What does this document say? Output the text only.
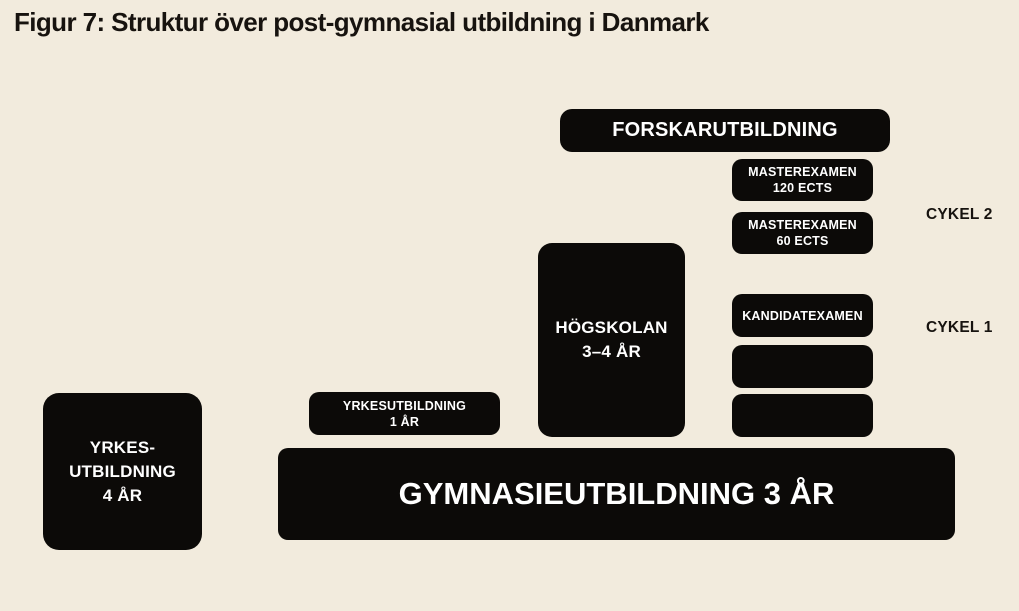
Figur 7: Struktur över post-gymnasial utbildning i Danmark
FORSKARUTBILDNING
MASTEREXAMEN
120 ECTS
MASTEREXAMEN
60 ECTS
CYKEL 2
HÖGSKOLAN
3–4 ÅR
KANDIDATEXAMEN
CYKEL 1
YRKESUTBILDNING
1 ÅR
YRKES-
UTBILDNING
4 ÅR	GYMNASIEUTBILDNING 3 ÅR
